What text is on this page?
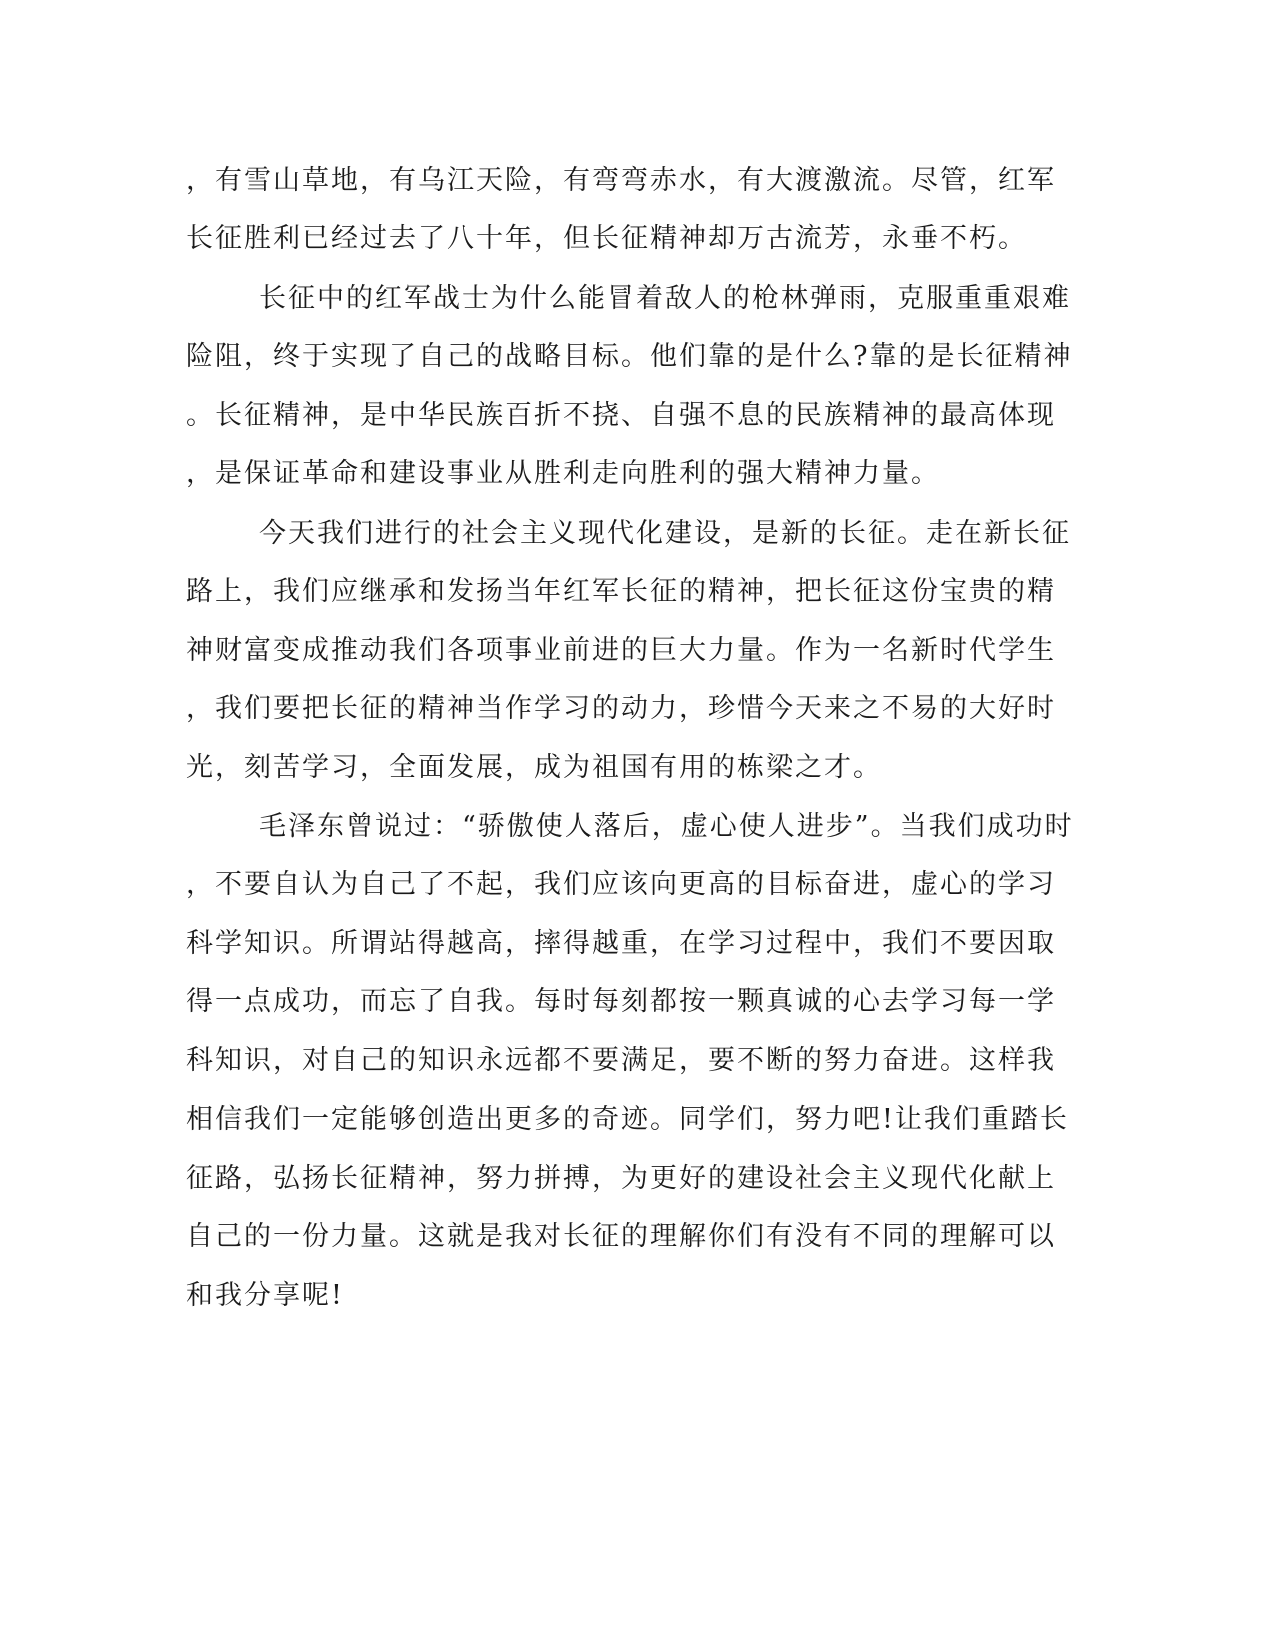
，有雪山草地，有乌江天险，有弯弯赤水，有大渡激流。尽管，红军
长征胜利已经过去了八十年，但长征精神却万古流芳，永垂不朽。
长征中的红军战士为什么能冒着敌人的枪林弹雨，克服重重艰难
险阻，终于实现了自己的战略目标。他们靠的是什么?靠的是长征精神
。长征精神，是中华民族百折不挠、自强不息的民族精神的最高体现
，是保证革命和建设事业从胜利走向胜利的强大精神力量。
今天我们进行的社会主义现代化建设，是新的长征。走在新长征
路上，我们应继承和发扬当年红军长征的精神，把长征这份宝贵的精
神财富变成推动我们各项事业前进的巨大力量。作为一名新时代学生
，我们要把长征的精神当作学习的动力，珍惜今天来之不易的大好时
光，刻苦学习，全面发展，成为祖国有用的栋梁之才。
毛泽东曾说过：“骄傲使人落后，虚心使人进步”。当我们成功时
，不要自认为自己了不起，我们应该向更高的目标奋进，虚心的学习
科学知识。所谓站得越高，摔得越重，在学习过程中，我们不要因取
得一点成功，而忘了自我。每时每刻都按一颗真诚的心去学习每一学
科知识，对自己的知识永远都不要满足，要不断的努力奋进。这样我
相信我们一定能够创造出更多的奇迹。同学们，努力吧!让我们重踏长
征路，弘扬长征精神，努力拼搏，为更好的建设社会主义现代化献上
自己的一份力量。这就是我对长征的理解你们有没有不同的理解可以
和我分享呢!
